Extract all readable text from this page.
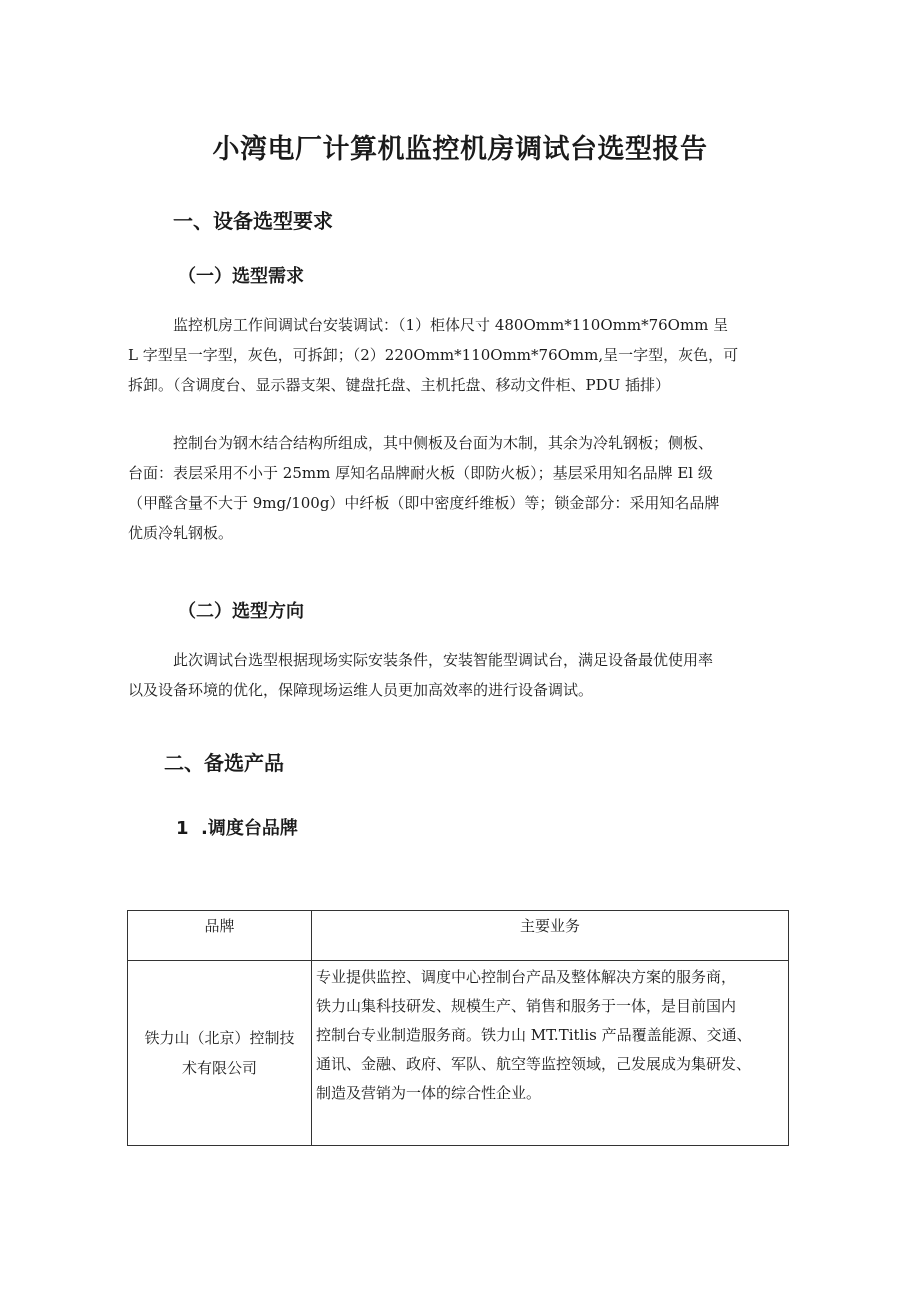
小湾电厂计算机监控机房调试台选型报告
一、设备选型要求
（一）选型需求
监控机房工作间调试台安装调试：（1）柜体尺寸 480Omm*110Omm*76Omm 呈
L 字型呈一字型，灰色，可拆卸；（2）220Omm*110Omm*76Omm,呈一字型，灰色，可
拆卸。（含调度台、显示器支架、键盘托盘、主机托盘、移动文件柜、PDU 插排）
控制台为钢木结合结构所组成，其中侧板及台面为木制，其余为冷轧钢板；侧板、
台面：表层采用不小于 25mm 厚知名品牌耐火板（即防火板）；基层采用知名品牌 El 级
（甲醛含量不大于 9mg/100g）中纤板（即中密度纤维板）等；锁金部分：采用知名品牌
优质冷轧钢板。
（二）选型方向
此次调试台选型根据现场实际安装条件，安装智能型调试台，满足设备最优使用率
以及设备环境的优化，保障现场运维人员更加高效率的进行设备调试。
二、备选产品
1  .调度台品牌
品牌	主要业务

铁力山（北京）控制技
术有限公司	专业提供监控、调度中心控制台产品及整体解决方案的服务商，
铁力山集科技研发、规模生产、销售和服务于一体，是目前国内
控制台专业制造服务商。铁力山 MT.Titlis 产品覆盖能源、交通、
通讯、金融、政府、军队、航空等监控领域，己发展成为集研发、
制造及营销为一体的综合性企业。
